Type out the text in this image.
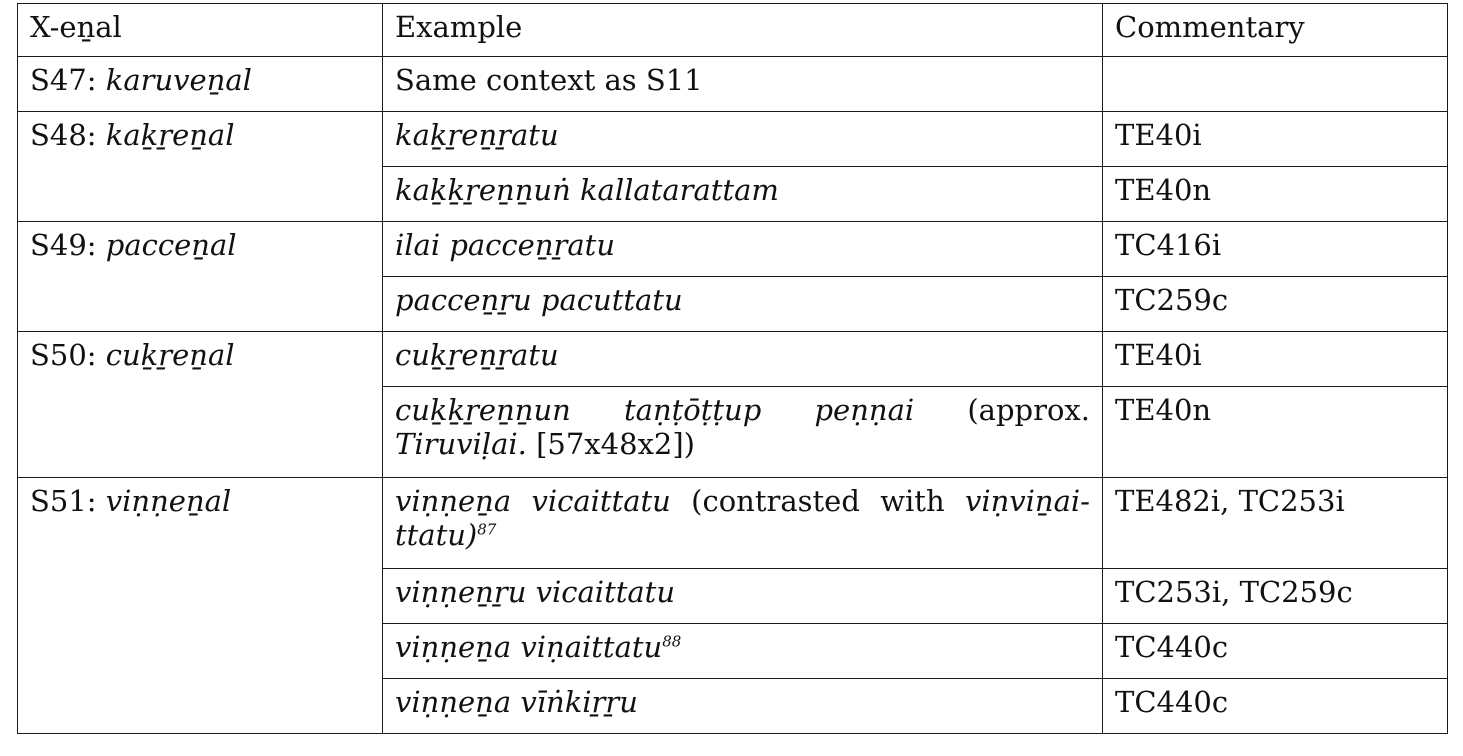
X-eṉal	Example	Commentary
S47: karuveṉal	Same context as S11	
S48: kaḵṟeṉal	kaḵṟeṉṟatu	TE40i
	kaḵḵṟeṉṉuṅ kallatarattam	TE40n
S49: pacceṉal	ilai pacceṉṟatu	TC416i
	pacceṉṟu pacuttatu	TC259c
S50: cuḵṟeṉal	cuḵṟeṉṟatu	TE40i
	cuḵḵṟeṉṉun taṇṭōṭṭup peṇṇai (approx. Tiruviḷai. [57x48x2])	TE40n
S51: viṇṇeṉal	viṇṇeṉa vicaittatu (contrasted with viṇviṉai-ttatu)$^{87}$	TE482i, TC253i
	viṇṇeṉṟu vicaittatu	TC253i, TC259c
	viṇṇeṉa viṇaittatu$^{88}$	TC440c
	viṇṇeṉa vīṅkiṟṟu	TC440c
